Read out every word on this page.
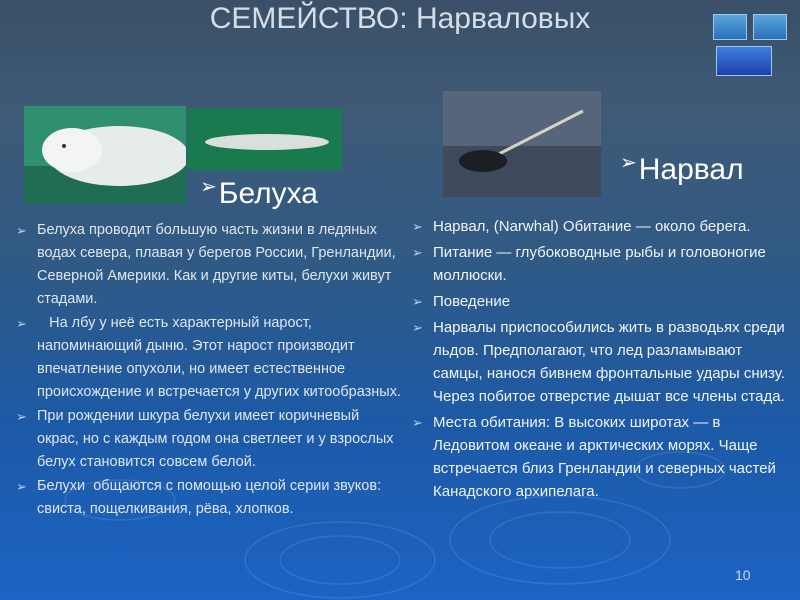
СЕМЕЙСТВО: Нарваловых
➢Белуха
➢Нарвал
➢ Белуха проводит большую часть жизни в ледяных водах севера, плавая у берегов России, Гренландии, Северной Америки. Как и другие киты, белухи живут стадами.
➢ На лбу у неё есть характерный нарост, напоминающий дыню. Этот нарост производит впечатление опухоли, но имеет естественное происхождение и встречается у других китообразных.
➢ При рождении шкура белухи имеет коричневый окрас, но с каждым годом она светлеет и у взрослых белух становится совсем белой.
➢ Белухи  общаются с помощью целой серии звуков: свиста, пощелкивания, рёва, хлопков.
➢ Нарвал, (Narwhal) Обитание — около берега.
➢ Питание — глубоководные рыбы и головоногие моллюски.
➢ Поведение
➢ Нарвалы приспособились жить в разводьях среди льдов. Предполагают, что лед разламывают самцы, нанося бивнем фронтальные удары снизу. Через побитое отверстие дышат все члены стада.
➢ Места обитания: В высоких широтах — в Ледовитом океане и арктических морях. Чаще встречается близ Гренландии и северных частей Канадского архипелага.
10
